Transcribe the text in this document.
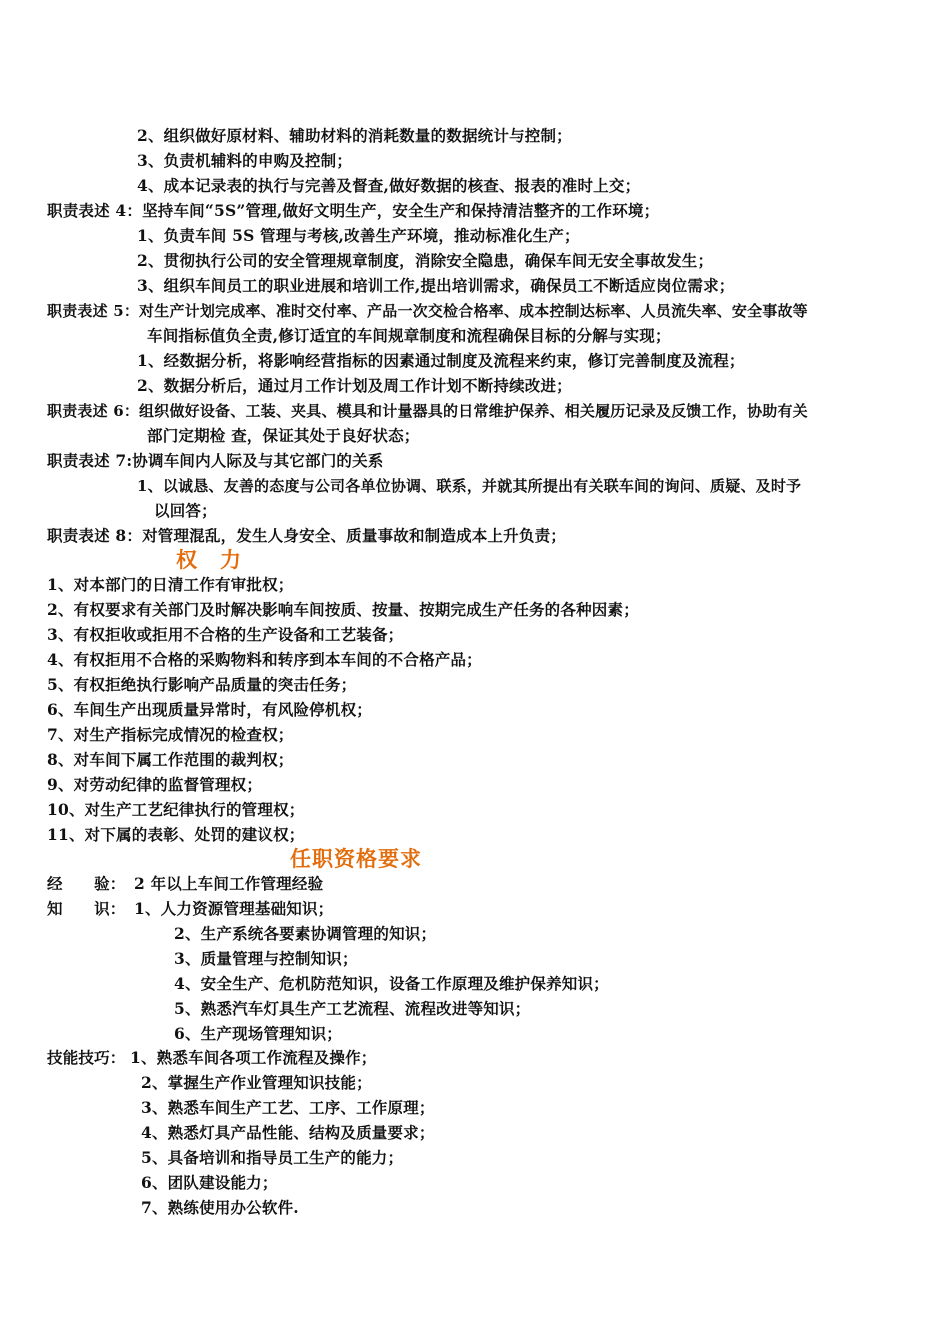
2、组织做好原材料、辅助材料的消耗数量的数据统计与控制；
3、负责机辅料的申购及控制；
4、成本记录表的执行与完善及督查,做好数据的核查、报表的准时上交；
职责表述 4：坚持车间“5S”管理,做好文明生产，安全生产和保持清洁整齐的工作环境；
1、负责车间 5S 管理与考核,改善生产环境，推动标准化生产；
2、贯彻执行公司的安全管理规章制度，消除安全隐患，确保车间无安全事故发生；
3、组织车间员工的职业进展和培训工作,提出培训需求，确保员工不断适应岗位需求；
职责表述 5：对生产计划完成率、准时交付率、产品一次交检合格率、成本控制达标率、人员流失率、安全事故等
车间指标值负全责,修订适宜的车间规章制度和流程确保目标的分解与实现；
1、经数据分析，将影响经营指标的因素通过制度及流程来约束，修订完善制度及流程；
2、数据分析后，通过月工作计划及周工作计划不断持续改进；
职责表述 6：组织做好设备、工装、夹具、模具和计量器具的日常维护保养、相关履历记录及反馈工作，协助有关
部门定期检 查，保证其处于良好状态；
职责表述 7:协调车间内人际及与其它部门的关系
1、以诚恳、友善的态度与公司各单位协调、联系，并就其所提出有关联车间的询问、质疑、及时予
以回答；
职责表述 8：对管理混乱，发生人身安全、质量事故和制造成本上升负责；
权　力
1、对本部门的日清工作有审批权；
2、有权要求有关部门及时解决影响车间按质、按量、按期完成生产任务的各种因素；
3、有权拒收或拒用不合格的生产设备和工艺装备；
4、有权拒用不合格的采购物料和转序到本车间的不合格产品；
5、有权拒绝执行影响产品质量的突击任务；
6、车间生产出现质量异常时，有风险停机权；
7、对生产指标完成情况的检查权；
8、对车间下属工作范围的裁判权；
9、对劳动纪律的监督管理权；
10、对生产工艺纪律执行的管理权；
11、对下属的表彰、处罚的建议权；
任职资格要求
经　　验： 2 年以上车间工作管理经验
知　　识： 1、人力资源管理基础知识；
2、生产系统各要素协调管理的知识；
3、质量管理与控制知识；
4、安全生产、危机防范知识，设备工作原理及维护保养知识；
5、熟悉汽车灯具生产工艺流程、流程改进等知识；
6、生产现场管理知识；
技能技巧： 1、熟悉车间各项工作流程及操作；
2、掌握生产作业管理知识技能；
3、熟悉车间生产工艺、工序、工作原理；
4、熟悉灯具产品性能、结构及质量要求；
5、具备培训和指导员工生产的能力；
6、团队建设能力；
7、熟练使用办公软件.
